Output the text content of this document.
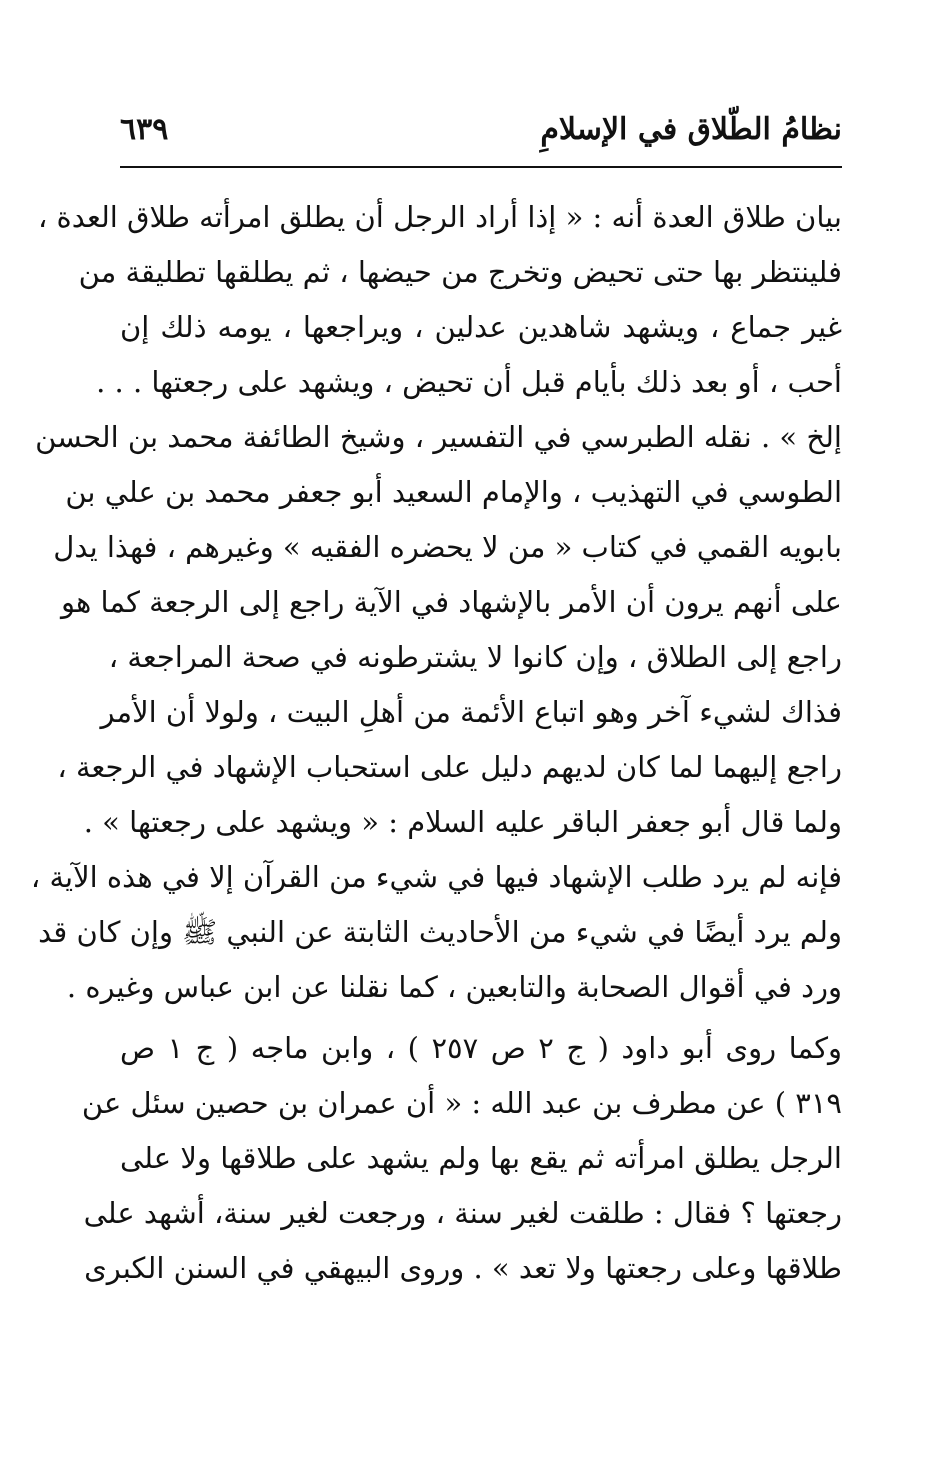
نظامُ الطّلاق في الإسلامِ
٦٣٩
بيان طلاق العدة أنه : « إذا أراد الرجل أن يطلق امرأته طلاق العدة ،
فلينتظر بها حتى تحيض وتخرج من حيضها ، ثم يطلقها تطليقة من
غير جماع ، ويشهد شاهدين عدلين ، ويراجعها ، يومه ذلك إن
أحب ، أو بعد ذلك بأيام قبل أن تحيض ، ويشهد على رجعتها . . .
إلخ » . نقله الطبرسي في التفسير ، وشيخ الطائفة محمد بن الحسن
الطوسي في التهذيب ، والإمام السعيد أبو جعفر محمد بن علي بن
بابويه القمي في كتاب « من لا يحضره الفقيه » وغيرهم ، فهذا يدل
على أنهم يرون أن الأمر بالإشهاد في الآية راجع إلى الرجعة كما هو
راجع إلى الطلاق ، وإن كانوا لا يشترطونه في صحة المراجعة ،
فذاك لشيء آخر وهو اتباع الأئمة من أهلِ البيت ، ولولا أن الأمر
راجع إليهما لما كان لديهم دليل على استحباب الإشهاد في الرجعة ،
ولما قال أبو جعفر الباقر عليه السلام : « ويشهد على رجعتها » .
فإنه لم يرد طلب الإشهاد فيها في شيء من القرآن إلا في هذه الآية ،
ولم يرد أيضًا في شيء من الأحاديث الثابتة عن النبي ﷺ وإن كان قد
ورد في أقوال الصحابة والتابعين ، كما نقلنا عن ابن عباس وغيره .
وكما روى أبو داود ( ج ٢ ص ٢٥٧ ) ، وابن ماجه ( ج ١ ص
٣١٩ ) عن مطرف بن عبد الله : « أن عمران بن حصين سئل عن
الرجل يطلق امرأته ثم يقع بها ولم يشهد على طلاقها ولا على
رجعتها ؟ فقال : طلقت لغير سنة ، ورجعت لغير سنة، أشهد على
طلاقها وعلى رجعتها ولا تعد » . وروى البيهقي في السنن الكبرى
